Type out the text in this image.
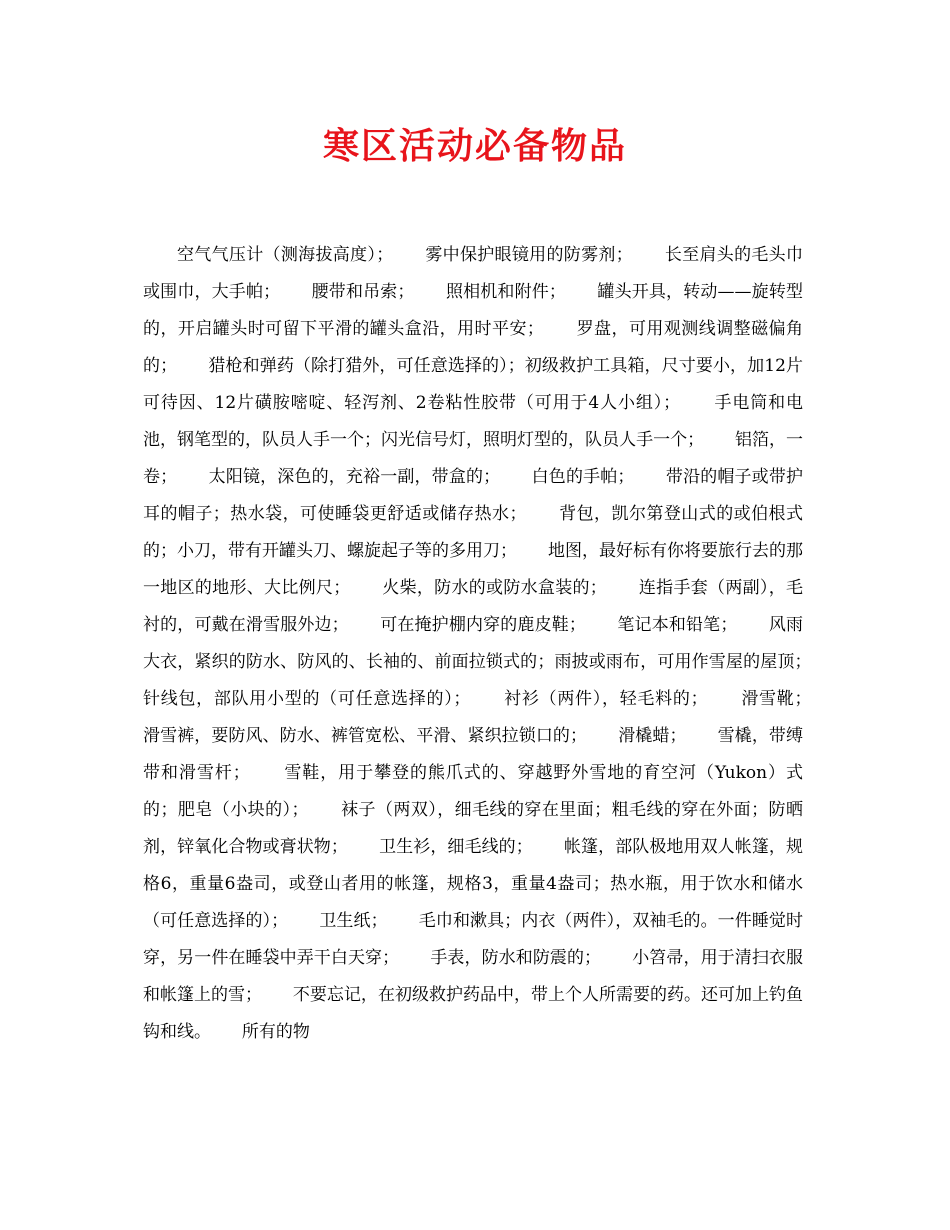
寒区活动必备物品

空气气压计（测海拔高度）；　　 雾中保护眼镜用的防雾剂；　　 长至肩头的毛头巾或围巾，大手帕；　　 腰带和吊索；　　 照相机和附件；　　 罐头开具，转动——旋转型的，开启罐头时可留下平滑的罐头盒沿，用时平安；　　 罗盘，可用观测线调整磁偏角的；　　 猎枪和弹药（除打猎外，可任意选择的）；初级救护工具箱，尺寸要小，加12片可待因、12片磺胺嘧啶、轻泻剂、2卷粘性胶带（可用于4人小组）；　　 手电筒和电池，钢笔型的，队员人手一个；闪光信号灯，照明灯型的，队员人手一个；　　 铝箔，一卷；　　 太阳镜，深色的，充裕一副，带盒的；　　 白色的手帕；　　 带沿的帽子或带护耳的帽子；热水袋，可使睡袋更舒适或储存热水；　　 背包，凯尔第登山式的或伯根式的；小刀，带有开罐头刀、螺旋起子等的多用刀；　　 地图，最好标有你将要旅行去的那一地区的地形、大比例尺；　　 火柴，防水的或防水盒装的；　　 连指手套（两副），毛衬的，可戴在滑雪服外边；　　 可在掩护棚内穿的鹿皮鞋；　　 笔记本和铅笔；　　 风雨大衣，紧织的防水、防风的、长袖的、前面拉锁式的；雨披或雨布，可用作雪屋的屋顶；　　 针线包，部队用小型的（可任意选择的）；　　 衬衫（两件），轻毛料的；　　 滑雪靴；　　 滑雪裤，要防风、防水、裤管宽松、平滑、紧织拉锁口的；　　 滑橇蜡；　　 雪橇，带缚带和滑雪杆；　　 雪鞋，用于攀登的熊爪式的、穿越野外雪地的育空河（Yukon）式的；肥皂（小块的）；　　 袜子（两双），细毛线的穿在里面；粗毛线的穿在外面；防晒剂，锌氧化合物或膏状物；　　 卫生衫，细毛线的；　　 帐篷，部队极地用双人帐篷，规格6，重量6盎司，或登山者用的帐篷，规格3，重量4盎司；热水瓶，用于饮水和储水（可任意选择的）；　　 卫生纸；　　 毛巾和漱具；内衣（两件），双袖毛的。一件睡觉时穿，另一件在睡袋中弄干白天穿；　　 手表，防水和防震的；　　 小笤帚，用于清扫衣服和帐篷上的雪；　　 不要忘记，在初级救护药品中，带上个人所需要的药。还可加上钓鱼钩和线。　　 所有的物
